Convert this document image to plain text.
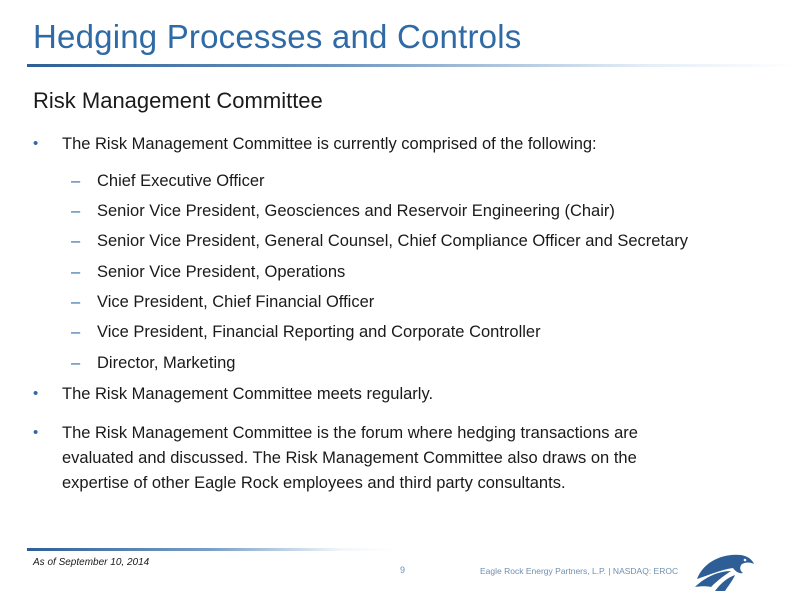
Hedging Processes and Controls
Risk Management Committee
• The Risk Management Committee is currently comprised of the following:
– Chief Executive Officer
– Senior Vice President, Geosciences and Reservoir Engineering (Chair)
– Senior Vice President, General Counsel, Chief Compliance Officer and Secretary
– Senior Vice President, Operations
– Vice President, Chief Financial Officer
– Vice President, Financial Reporting and Corporate Controller
– Director, Marketing
• The Risk Management Committee meets regularly.
• The Risk Management Committee is the forum where hedging transactions are
evaluated and discussed. The Risk Management Committee also draws on the
expertise of other Eagle Rock employees and third party consultants.
As of September 10, 2014
9	Eagle Rock Energy Partners, L.P. | NASDAQ: EROC
